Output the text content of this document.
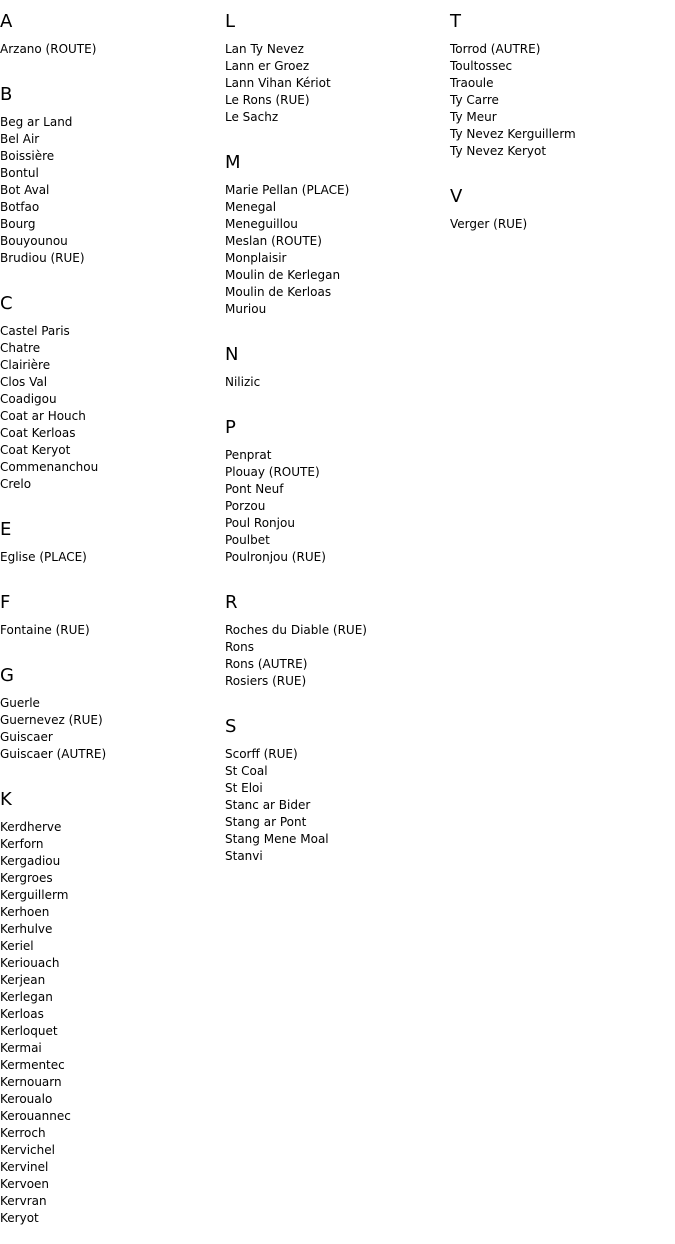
A
Arzano (ROUTE)
B
Beg ar Land
Bel Air
Boissière
Bontul
Bot Aval
Botfao
Bourg
Bouyounou
Brudiou (RUE)
C
Castel Paris
Chatre
Clairière
Clos Val
Coadigou
Coat ar Houch
Coat Kerloas
Coat Keryot
Commenanchou
Crelo
E
Eglise (PLACE)
F
Fontaine (RUE)
G
Guerle
Guernevez (RUE)
Guiscaer
Guiscaer (AUTRE)
K
Kerdherve
Kerforn
Kergadiou
Kergroes
Kerguillerm
Kerhoen
Kerhulve
Keriel
Keriouach
Kerjean
Kerlegan
Kerloas
Kerloquet
Kermai
Kermentec
Kernouarn
Keroualo
Kerouannec
Kerroch
Kervichel
Kervinel
Kervoen
Kervran
Keryot
L
Lan Ty Nevez
Lann er Groez
Lann Vihan Kériot
Le Rons (RUE)
Le Sachz
M
Marie Pellan (PLACE)
Menegal
Meneguillou
Meslan (ROUTE)
Monplaisir
Moulin de Kerlegan
Moulin de Kerloas
Muriou
N
Nilizic
P
Penprat
Plouay (ROUTE)
Pont Neuf
Porzou
Poul Ronjou
Poulbet
Poulronjou (RUE)
R
Roches du Diable (RUE)
Rons
Rons (AUTRE)
Rosiers (RUE)
S
Scorff (RUE)
St Coal
St Eloi
Stanc ar Bider
Stang ar Pont
Stang Mene Moal
Stanvi
T
Torrod (AUTRE)
Toultossec
Traoule
Ty Carre
Ty Meur
Ty Nevez Kerguillerm
Ty Nevez Keryot
V
Verger (RUE)
